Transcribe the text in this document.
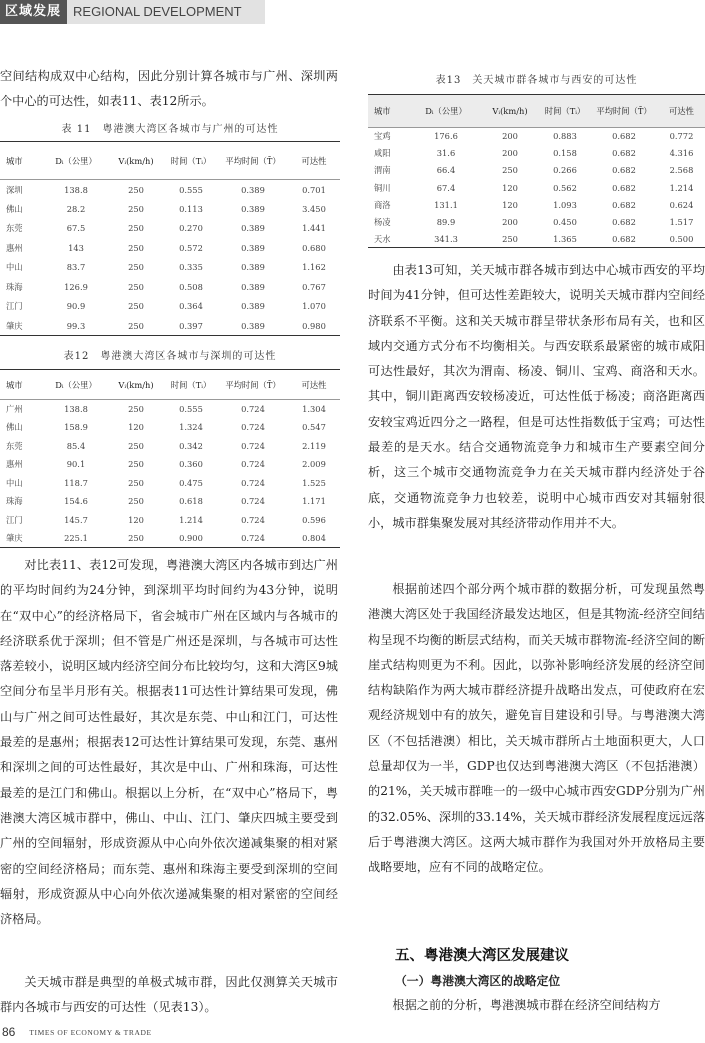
区域发展 REGIONAL DEVELOPMENT

空间结构成双中心结构，因此分别计算各城市与广州、深圳两个中心的可达性，如表11、表12所示。

表 11　粤港澳大湾区各城市与广州的可达性
城市	Dᵢ（公里）	Vᵢ(km/h)	时间（Tᵢ）	平均时间（T̄）	可达性
深圳	138.8	250	0.555	0.389	0.701
佛山	28.2	250	0.113	0.389	3.450
东莞	67.5	250	0.270	0.389	1.441
惠州	143	250	0.572	0.389	0.680
中山	83.7	250	0.335	0.389	1.162
珠海	126.9	250	0.508	0.389	0.767
江门	90.9	250	0.364	0.389	1.070
肇庆	99.3	250	0.397	0.389	0.980
表12　粤港澳大湾区各城市与深圳的可达性
城市	Dᵢ（公里）	Vᵢ(km/h)	时间（Tᵢ）	平均时间（T̄）	可达性
广州	138.8	250	0.555	0.724	1.304
佛山	158.9	120	1.324	0.724	0.547
东莞	85.4	250	0.342	0.724	2.119
惠州	90.1	250	0.360	0.724	2.009
中山	118.7	250	0.475	0.724	1.525
珠海	154.6	250	0.618	0.724	1.171
江门	145.7	120	1.214	0.724	0.596
肇庆	225.1	250	0.900	0.724	0.804

对比表11、表12可发现，粤港澳大湾区内各城市到达广州的平均时间约为24分钟，到深圳平均时间约为43分钟，说明在“双中心”的经济格局下，省会城市广州在区域内与各城市的经济联系优于深圳；但不管是广州还是深圳，与各城市可达性落差较小，说明区域内经济空间分布比较均匀，这和大湾区9城空间分布呈半月形有关。根据表11可达性计算结果可发现，佛山与广州之间可达性最好，其次是东莞、中山和江门，可达性最差的是惠州；根据表12可达性计算结果可发现，东莞、惠州和深圳之间的可达性最好，其次是中山、广州和珠海，可达性最差的是江门和佛山。根据以上分析，在“双中心”格局下，粤港澳大湾区城市群中，佛山、中山、江门、肇庆四城主要受到广州的空间辐射，形成资源从中心向外依次递减集聚的相对紧密的空间经济格局；而东莞、惠州和珠海主要受到深圳的空间辐射，形成资源从中心向外依次递减集聚的相对紧密的空间经济格局。

关天城市群是典型的单极式城市群，因此仅测算关天城市群内各城市与西安的可达性（见表13）。

表13　关天城市群各城市与西安的可达性
城市	Dᵢ（公里）	Vᵢ(km/h)	时间（Tᵢ）	平均时间（T̄）	可达性
宝鸡	176.6	200	0.883	0.682	0.772
咸阳	31.6	200	0.158	0.682	4.316
渭南	66.4	250	0.266	0.682	2.568
铜川	67.4	120	0.562	0.682	1.214
商洛	131.1	120	1.093	0.682	0.624
杨凌	89.9	200	0.450	0.682	1.517
天水	341.3	250	1.365	0.682	0.500

由表13可知，关天城市群各城市到达中心城市西安的平均时间为41分钟，但可达性差距较大，说明关天城市群内空间经济联系不平衡。这和关天城市群呈带状条形布局有关，也和区域内交通方式分布不均衡相关。与西安联系最紧密的城市咸阳可达性最好，其次为渭南、杨凌、铜川、宝鸡、商洛和天水。其中，铜川距离西安较杨凌近，可达性低于杨凌；商洛距离西安较宝鸡近四分之一路程，但是可达性指数低于宝鸡；可达性最差的是天水。结合交通物流竞争力和城市生产要素空间分析，这三个城市交通物流竞争力在关天城市群内经济处于谷底，交通物流竞争力也较差，说明中心城市西安对其辐射很小，城市群集聚发展对其经济带动作用并不大。

根据前述四个部分两个城市群的数据分析，可发现虽然粤港澳大湾区处于我国经济最发达地区，但是其物流-经济空间结构呈现不均衡的断层式结构，而关天城市群物流-经济空间的断崖式结构则更为不利。因此，以弥补影响经济发展的经济空间结构缺陷作为两大城市群经济提升战略出发点，可使政府在宏观经济规划中有的放矢，避免盲目建设和引导。与粤港澳大湾区（不包括港澳）相比，关天城市群所占土地面积更大，人口总量却仅为一半，GDP也仅达到粤港澳大湾区（不包括港澳）的21%，关天城市群唯一的一级中心城市西安GDP分别为广州的32.05%、深圳的33.14%，关天城市群经济发展程度远远落后于粤港澳大湾区。这两大城市群作为我国对外开放格局主要战略要地，应有不同的战略定位。

五、粤港澳大湾区发展建议
（一）粤港澳大湾区的战略定位

根据之前的分析，粤港澳城市群在经济空间结构方

86 TIMES OF ECONOMY & TRADE
